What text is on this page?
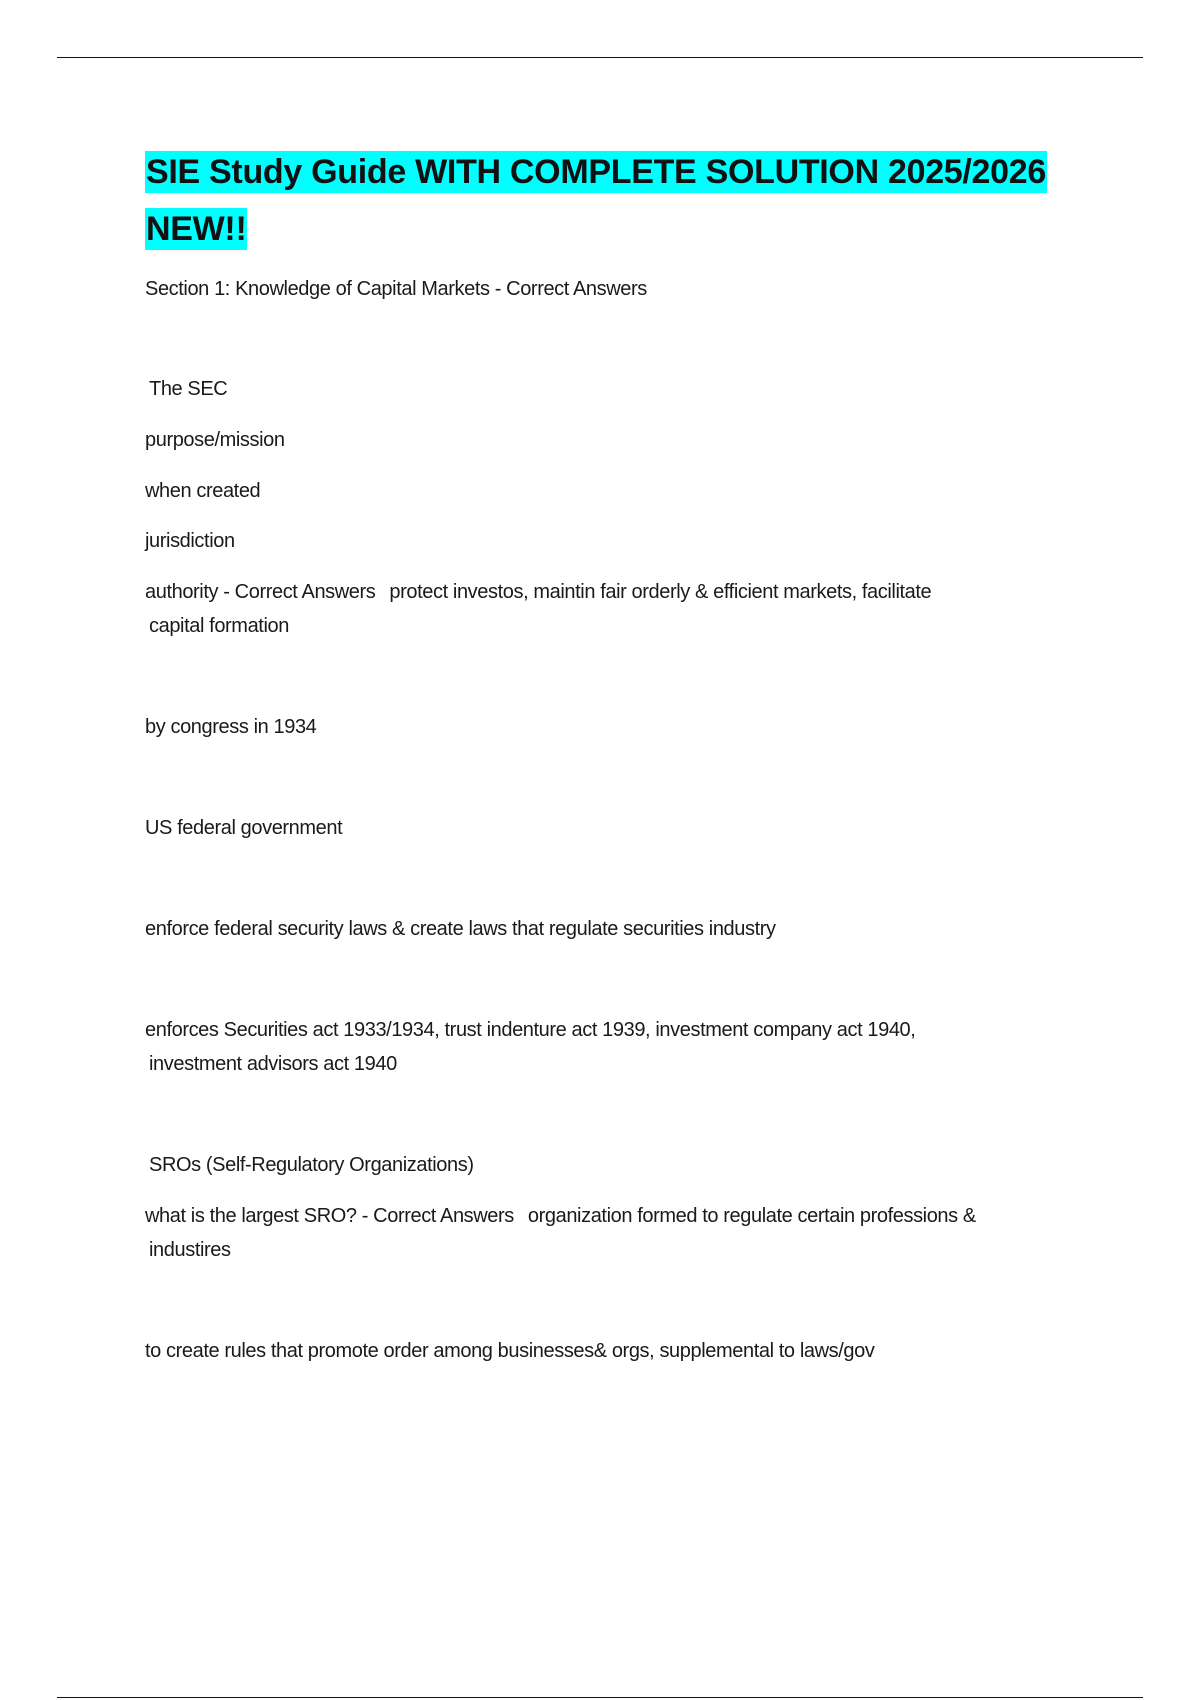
SIE Study Guide WITH COMPLETE SOLUTION 2025/2026 NEW!!

Section 1: Knowledge of Capital Markets - Correct Answers

The SEC

purpose/mission

when created

jurisdiction

authority - Correct Answers protect investos, maintin fair orderly & efficient markets, facilitate

capital formation

by congress in 1934

US federal government

enforce federal security laws & create laws that regulate securities industry

enforces Securities act 1933/1934, trust indenture act 1939, investment company act 1940,

investment advisors act 1940

SROs (Self-Regulatory Organizations)

what is the largest SRO? - Correct Answers organization formed to regulate certain professions &

industires

to create rules that promote order among businesses& orgs, supplemental to laws/gov
